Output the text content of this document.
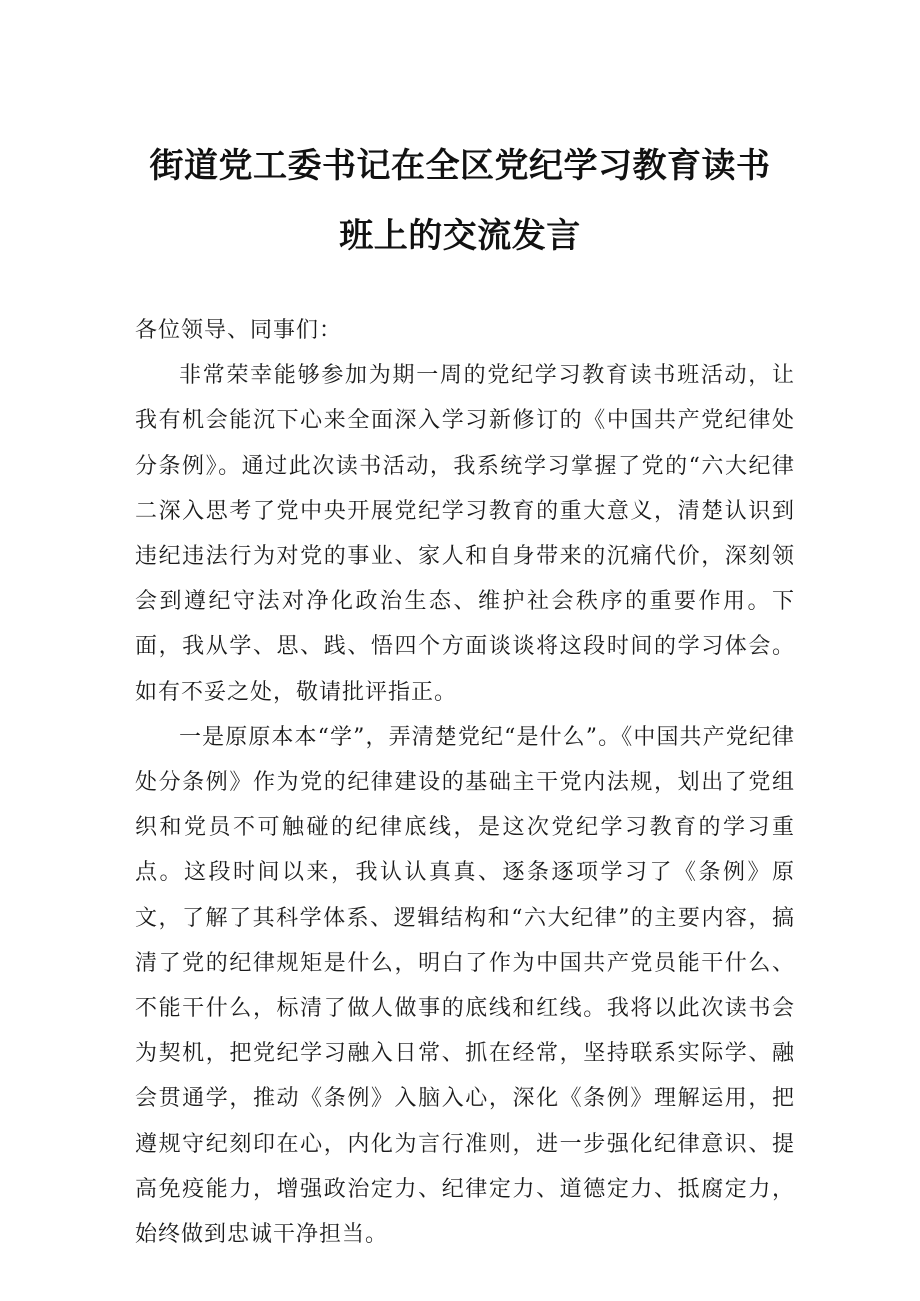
街道党工委书记在全区党纪学习教育读书
班上的交流发言

各位领导、同事们：

非常荣幸能够参加为期一周的党纪学习教育读书班活动，让我有机会能沉下心来全面深入学习新修订的《中国共产党纪律处分条例》。通过此次读书活动，我系统学习掌握了党的“六大纪律二深入思考了党中央开展党纪学习教育的重大意义，清楚认识到违纪违法行为对党的事业、家人和自身带来的沉痛代价，深刻领会到遵纪守法对净化政治生态、维护社会秩序的重要作用。下面，我从学、思、践、悟四个方面谈谈将这段时间的学习体会。如有不妥之处，敬请批评指正。

一是原原本本“学”，弄清楚党纪“是什么”。《中国共产党纪律处分条例》作为党的纪律建设的基础主干党内法规，划出了党组织和党员不可触碰的纪律底线，是这次党纪学习教育的学习重点。这段时间以来，我认认真真、逐条逐项学习了《条例》原文，了解了其科学体系、逻辑结构和“六大纪律”的主要内容，搞清了党的纪律规矩是什么，明白了作为中国共产党员能干什么、不能干什么，标清了做人做事的底线和红线。我将以此次读书会为契机，把党纪学习融入日常、抓在经常，坚持联系实际学、融会贯通学，推动《条例》入脑入心，深化《条例》理解运用，把遵规守纪刻印在心，内化为言行准则，进一步强化纪律意识、提高免疫能力，增强政治定力、纪律定力、道德定力、抵腐定力，始终做到忠诚干净担当。
